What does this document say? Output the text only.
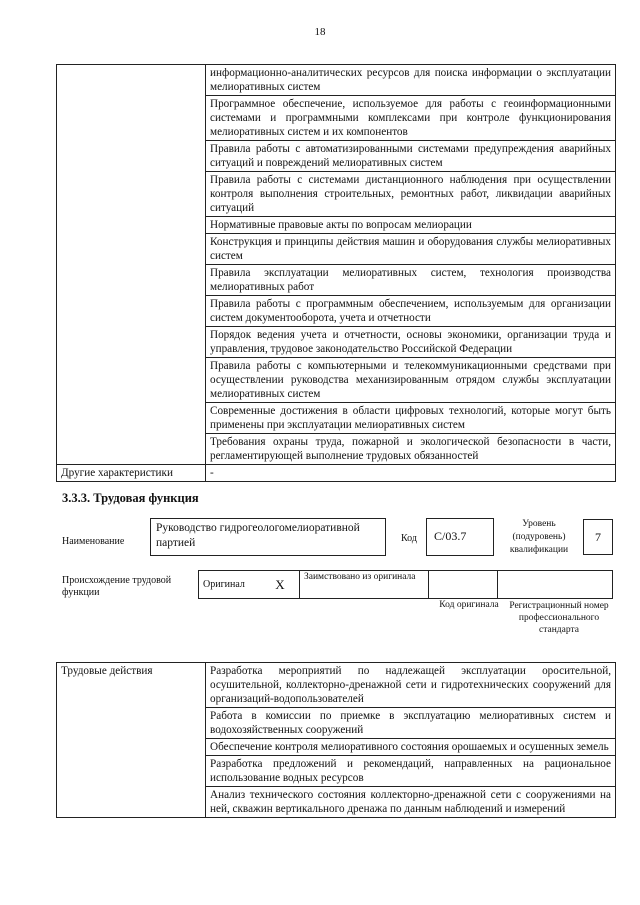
18
	информационно-аналитических ресурсов для поиска информации о эксплуатации мелиоративных систем
	Программное обеспечение, используемое для работы с геоинформационными системами и программными комплексами при контроле функционирования мелиоративных систем и их компонентов
	Правила работы с автоматизированными системами предупреждения аварийных ситуаций и повреждений мелиоративных систем
	Правила работы с системами дистанционного наблюдения при осуществлении контроля выполнения строительных, ремонтных работ, ликвидации аварийных ситуаций
	Нормативные правовые акты по вопросам мелиорации
	Конструкция и принципы действия машин и оборудования службы мелиоративных систем
	Правила эксплуатации мелиоративных систем, технология производства мелиоративных работ
	Правила работы с программным обеспечением, используемым для организации систем документооборота, учета и отчетности
	Порядок ведения учета и отчетности, основы экономики, организации труда и управления, трудовое законодательство Российской Федерации
	Правила работы с компьютерными и телекоммуникационными средствами при осуществлении руководства механизированным отрядом службы эксплуатации мелиоративных систем
	Современные достижения в области цифровых технологий, которые могут быть применены при эксплуатации мелиоративных систем
	Требования охраны труда, пожарной и экологической безопасности в части, регламентирующей выполнение трудовых обязанностей
Другие характеристики	-
3.3.3. Трудовая функция
Наименование
Руководство гидрогеологомелиоративной партией	Код	C/03.7
Уровень (подуровень) квалификации
7
Происхождение трудовой функции
Оригинал	X	Заимствовано из оригинала		
Код оригинала	Регистрационный номер профессионального стандарта
Трудовые действия	Разработка мероприятий по надлежащей эксплуатации оросительной, осушительной, коллекторно-дренажной сети и гидротехнических сооружений для организаций-водопользователей
Работа в комиссии по приемке в эксплуатацию мелиоративных систем и водохозяйственных сооружений
Обеспечение контроля мелиоративного состояния орошаемых и осушенных земель
Разработка предложений и рекомендаций, направленных на рациональное использование водных ресурсов
Анализ технического состояния коллекторно-дренажной сети с сооружениями на ней, скважин вертикального дренажа по данным наблюдений и измерений
